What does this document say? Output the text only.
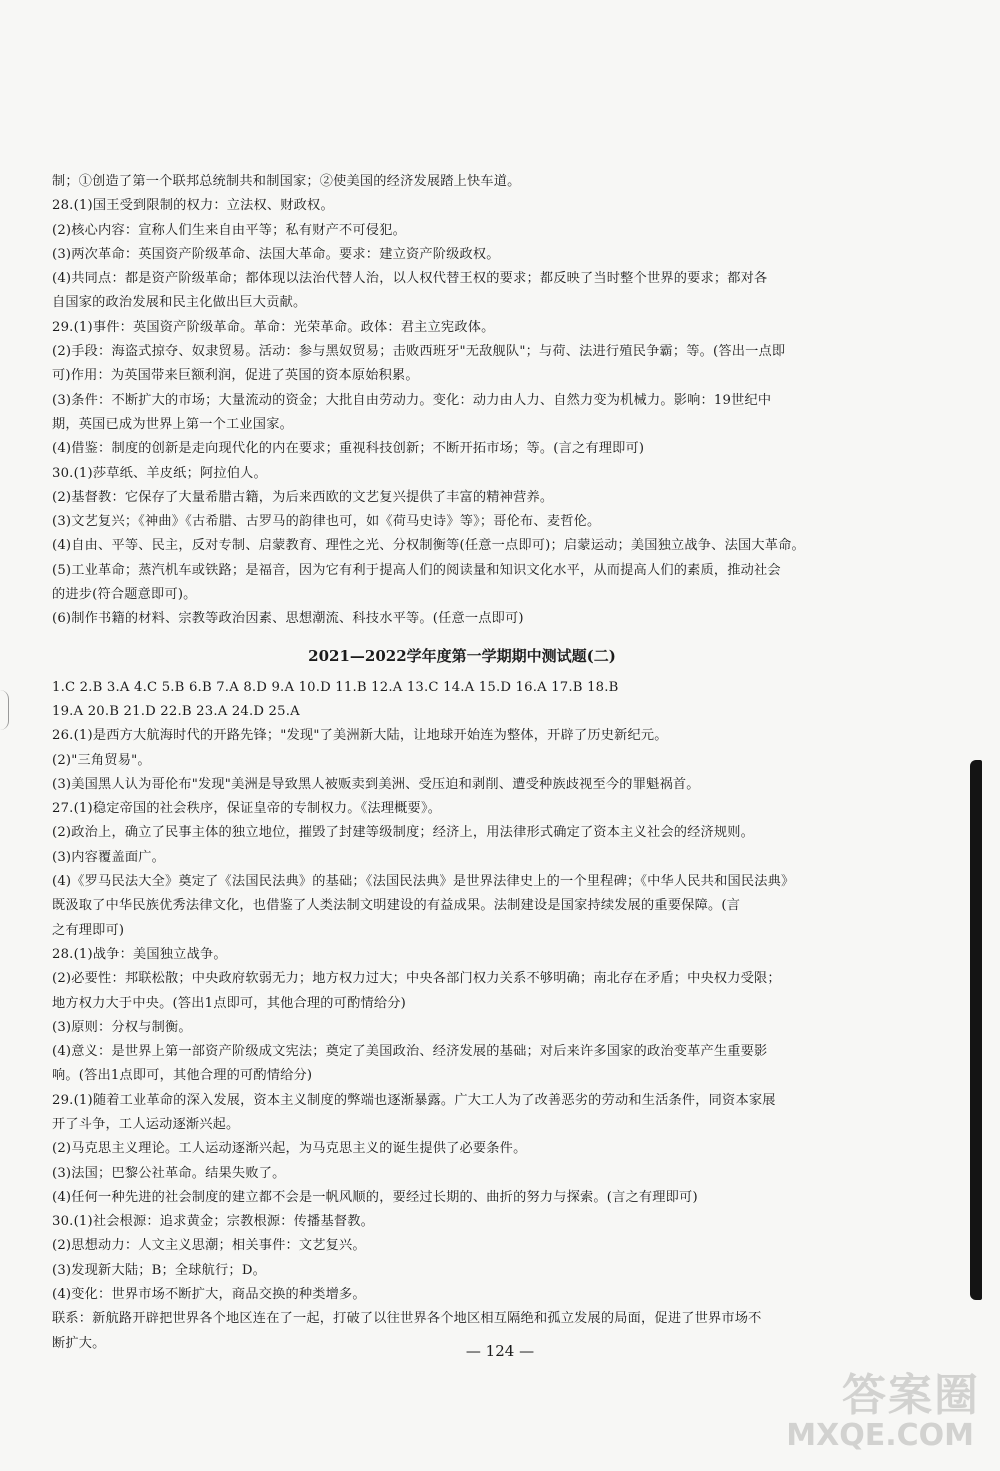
制；①创造了第一个联邦总统制共和制国家；②使美国的经济发展踏上快车道。
28.(1)国王受到限制的权力：立法权、财政权。
(2)核心内容：宣称人们生来自由平等；私有财产不可侵犯。
(3)两次革命：英国资产阶级革命、法国大革命。要求：建立资产阶级政权。
(4)共同点：都是资产阶级革命；都体现以法治代替人治，以人权代替王权的要求；都反映了当时整个世界的要求；都对各
自国家的政治发展和民主化做出巨大贡献。
29.(1)事件：英国资产阶级革命。革命：光荣革命。政体：君主立宪政体。
(2)手段：海盗式掠夺、奴隶贸易。活动：参与黑奴贸易；击败西班牙"无敌舰队"；与荷、法进行殖民争霸；等。(答出一点即
可)作用：为英国带来巨额利润，促进了英国的资本原始积累。
(3)条件：不断扩大的市场；大量流动的资金；大批自由劳动力。变化：动力由人力、自然力变为机械力。影响：19世纪中
期，英国已成为世界上第一个工业国家。
(4)借鉴：制度的创新是走向现代化的内在要求；重视科技创新；不断开拓市场；等。(言之有理即可)
30.(1)莎草纸、羊皮纸；阿拉伯人。
(2)基督教：它保存了大量希腊古籍，为后来西欧的文艺复兴提供了丰富的精神营养。
(3)文艺复兴；《神曲》《古希腊、古罗马的韵律也可，如《荷马史诗》等》；哥伦布、麦哲伦。
(4)自由、平等、民主，反对专制、启蒙教育、理性之光、分权制衡等(任意一点即可)；启蒙运动；美国独立战争、法国大革命。
(5)工业革命；蒸汽机车或铁路；是福音，因为它有利于提高人们的阅读量和知识文化水平，从而提高人们的素质，推动社会
的进步(符合题意即可)。
(6)制作书籍的材料、宗教等政治因素、思想潮流、科技水平等。(任意一点即可)
2021—2022学年度第一学期期中测试题(二)
1.C 2.B 3.A 4.C 5.B 6.B 7.A 8.D 9.A 10.D 11.B 12.A 13.C 14.A 15.D 16.A 17.B 18.B
19.A 20.B 21.D 22.B 23.A 24.D 25.A
26.(1)是西方大航海时代的开路先锋；"发现"了美洲新大陆，让地球开始连为整体，开辟了历史新纪元。
(2)"三角贸易"。
(3)美国黑人认为哥伦布"发现"美洲是导致黑人被贩卖到美洲、受压迫和剥削、遭受种族歧视至今的罪魁祸首。
27.(1)稳定帝国的社会秩序，保证皇帝的专制权力。《法理概要》。
(2)政治上，确立了民事主体的独立地位，摧毁了封建等级制度；经济上，用法律形式确定了资本主义社会的经济规则。
(3)内容覆盖面广。
(4)《罗马民法大全》奠定了《法国民法典》的基础；《法国民法典》是世界法律史上的一个里程碑；《中华人民共和国民法典》
既汲取了中华民族优秀法律文化，也借鉴了人类法制文明建设的有益成果。法制建设是国家持续发展的重要保障。(言
之有理即可)
28.(1)战争：美国独立战争。
(2)必要性：邦联松散；中央政府软弱无力；地方权力过大；中央各部门权力关系不够明确；南北存在矛盾；中央权力受限；
地方权力大于中央。(答出1点即可，其他合理的可酌情给分)
(3)原则：分权与制衡。
(4)意义：是世界上第一部资产阶级成文宪法；奠定了美国政治、经济发展的基础；对后来许多国家的政治变革产生重要影
响。(答出1点即可，其他合理的可酌情给分)
29.(1)随着工业革命的深入发展，资本主义制度的弊端也逐渐暴露。广大工人为了改善恶劣的劳动和生活条件，同资本家展
开了斗争，工人运动逐渐兴起。
(2)马克思主义理论。工人运动逐渐兴起，为马克思主义的诞生提供了必要条件。
(3)法国；巴黎公社革命。结果失败了。
(4)任何一种先进的社会制度的建立都不会是一帆风顺的，要经过长期的、曲折的努力与探索。(言之有理即可)
30.(1)社会根源：追求黄金；宗教根源：传播基督教。
(2)思想动力：人文主义思潮；相关事件：文艺复兴。
(3)发现新大陆；B；全球航行；D。
(4)变化：世界市场不断扩大，商品交换的种类增多。
联系：新航路开辟把世界各个地区连在了一起，打破了以往世界各个地区相互隔绝和孤立发展的局面，促进了世界市场不
断扩大。	— 124 —
答案圈
MXQE.COM
